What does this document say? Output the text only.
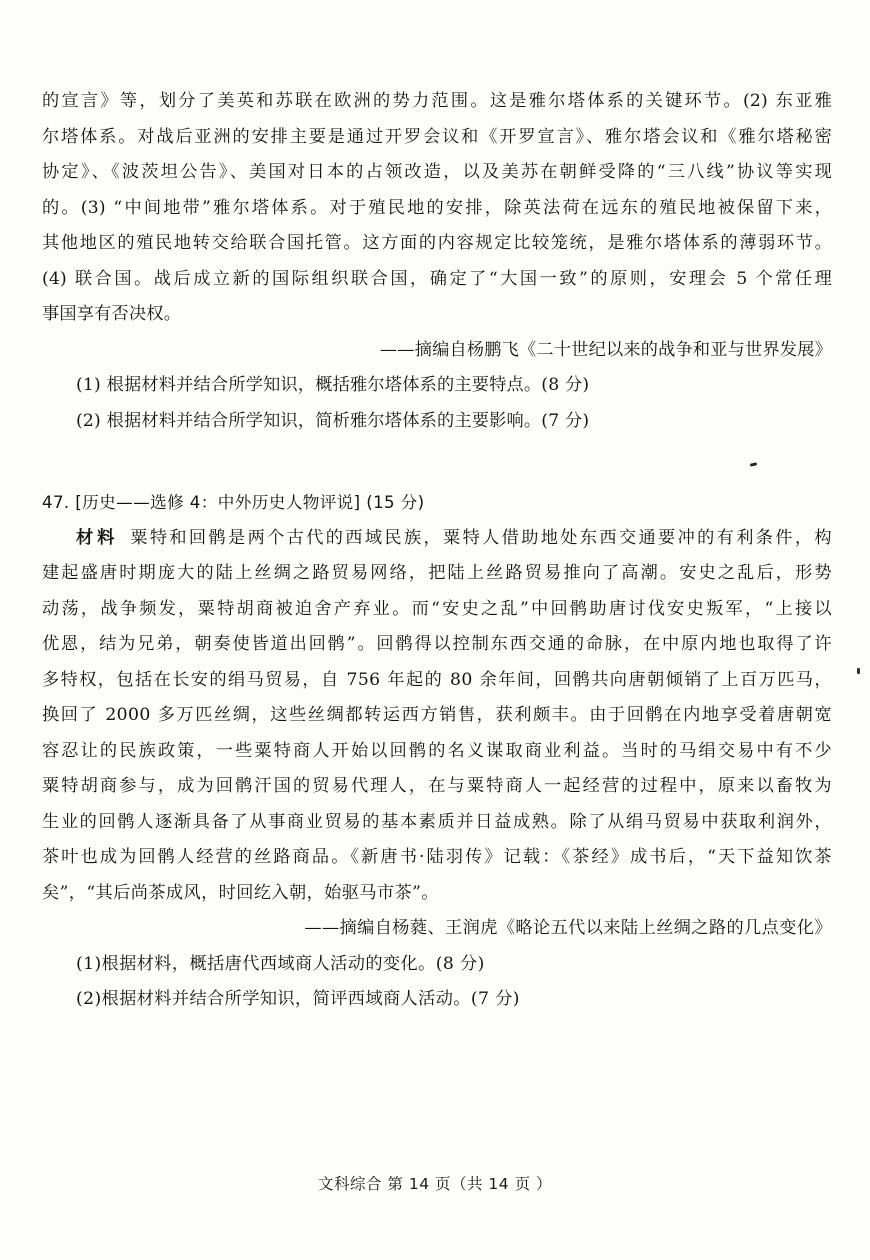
的宣言》等，划分了美英和苏联在欧洲的势力范围。这是雅尔塔体系的关键环节。(2) 东亚雅
尔塔体系。对战后亚洲的安排主要是通过开罗会议和《开罗宣言》、雅尔塔会议和《雅尔塔秘密
协定》、《波茨坦公告》、美国对日本的占领改造，以及美苏在朝鲜受降的“三八线”协议等实现
的。(3) “中间地带”雅尔塔体系。对于殖民地的安排，除英法荷在远东的殖民地被保留下来，
其他地区的殖民地转交给联合国托管。这方面的内容规定比较笼统，是雅尔塔体系的薄弱环节。
(4) 联合国。战后成立新的国际组织联合国，确定了“大国一致”的原则，安理会 5 个常任理
事国享有否决权。
——摘编自杨鹏飞《二十世纪以来的战争和亚与世界发展》
(1) 根据材料并结合所学知识，概括雅尔塔体系的主要特点。(8 分)
(2) 根据材料并结合所学知识，简析雅尔塔体系的主要影响。(7 分)
47. [历史——选修 4：中外历史人物评说] (15 分)
材料 粟特和回鹘是两个古代的西域民族，粟特人借助地处东西交通要冲的有利条件，构
建起盛唐时期庞大的陆上丝绸之路贸易网络，把陆上丝路贸易推向了高潮。安史之乱后，形势
动荡，战争频发，粟特胡商被迫舍产弃业。而“安史之乱”中回鹘助唐讨伐安史叛军，“上接以
优恩，结为兄弟，朝奏使皆道出回鹘”。回鹘得以控制东西交通的命脉，在中原内地也取得了许
多特权，包括在长安的绢马贸易，自 756 年起的 80 余年间，回鹘共向唐朝倾销了上百万匹马，
换回了 2000 多万匹丝绸，这些丝绸都转运西方销售，获利颇丰。由于回鹘在内地享受着唐朝宽
容忍让的民族政策，一些粟特商人开始以回鹘的名义谋取商业利益。当时的马绢交易中有不少
粟特胡商参与，成为回鹘汗国的贸易代理人，在与粟特商人一起经营的过程中，原来以畜牧为
生业的回鹘人逐渐具备了从事商业贸易的基本素质并日益成熟。除了从绢马贸易中获取利润外，
茶叶也成为回鹘人经营的丝路商品。《新唐书·陆羽传》记载：《茶经》成书后，“天下益知饮茶
矣”，“其后尚茶成风，时回纥入朝，始驱马市茶”。
——摘编自杨蕤、王润虎《略论五代以来陆上丝绸之路的几点变化》
(1)根据材料，概括唐代西域商人活动的变化。(8 分)
(2)根据材料并结合所学知识，简评西域商人活动。(7 分)
文科综合 第 14 页（共 14 页 ）
